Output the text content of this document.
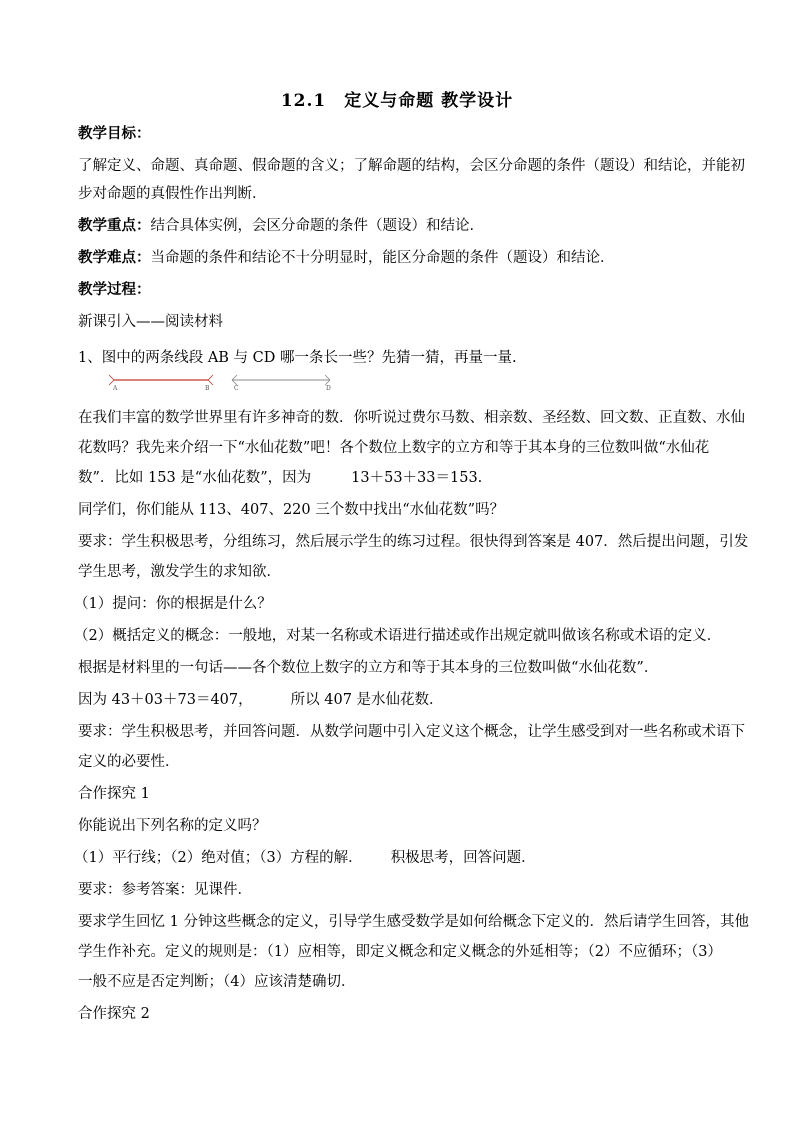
12.1　定义与命题 教学设计
教学目标：
了解定义、命题、真命题、假命题的含义；了解命题的结构，会区分命题的条件（题设）和结论，并能初
步对命题的真假性作出判断．
教学重点：结合具体实例，会区分命题的条件（题设）和结论．
教学难点：当命题的条件和结论不十分明显时，能区分命题的条件（题设）和结论．
教学过程：
新课引入——阅读材料
1、图中的两条线段 AB 与 CD 哪一条长一些？先猜一猜，再量一量.
A	B	C	D
在我们丰富的数学世界里有许多神奇的数．你听说过费尔马数、相亲数、圣经数、回文数、正直数、水仙
花数吗？我先来介绍一下“水仙花数”吧！各个数位上数字的立方和等于其本身的三位数叫做“水仙花
数”．比如 153 是“水仙花数”，因为	13＋53＋33＝153.
同学们，你们能从 113、407、220 三个数中找出“水仙花数”吗？
要求：学生积极思考，分组练习，然后展示学生的练习过程。很快得到答案是 407．然后提出问题，引发
学生思考，激发学生的求知欲．
（1）提问：你的根据是什么？
（2）概括定义的概念：一般地，对某一名称或术语进行描述或作出规定就叫做该名称或术语的定义．
根据是材料里的一句话——各个数位上数字的立方和等于其本身的三位数叫做“水仙花数”．
因为 43＋03＋73＝407，	所以 407 是水仙花数．
要求：学生积极思考，并回答问题．从数学问题中引入定义这个概念，让学生感受到对一些名称或术语下
定义的必要性．
合作探究 1
你能说出下列名称的定义吗？
（1）平行线；（2）绝对值；（3）方程的解． 积极思考，回答问题．
要求：参考答案：见课件．
要求学生回忆 1 分钟这些概念的定义，引导学生感受数学是如何给概念下定义的．然后请学生回答，其他
学生作补充。定义的规则是：（1）应相等，即定义概念和定义概念的外延相等；（2）不应循环；（3）
一般不应是否定判断；（4）应该清楚确切．
合作探究 2
